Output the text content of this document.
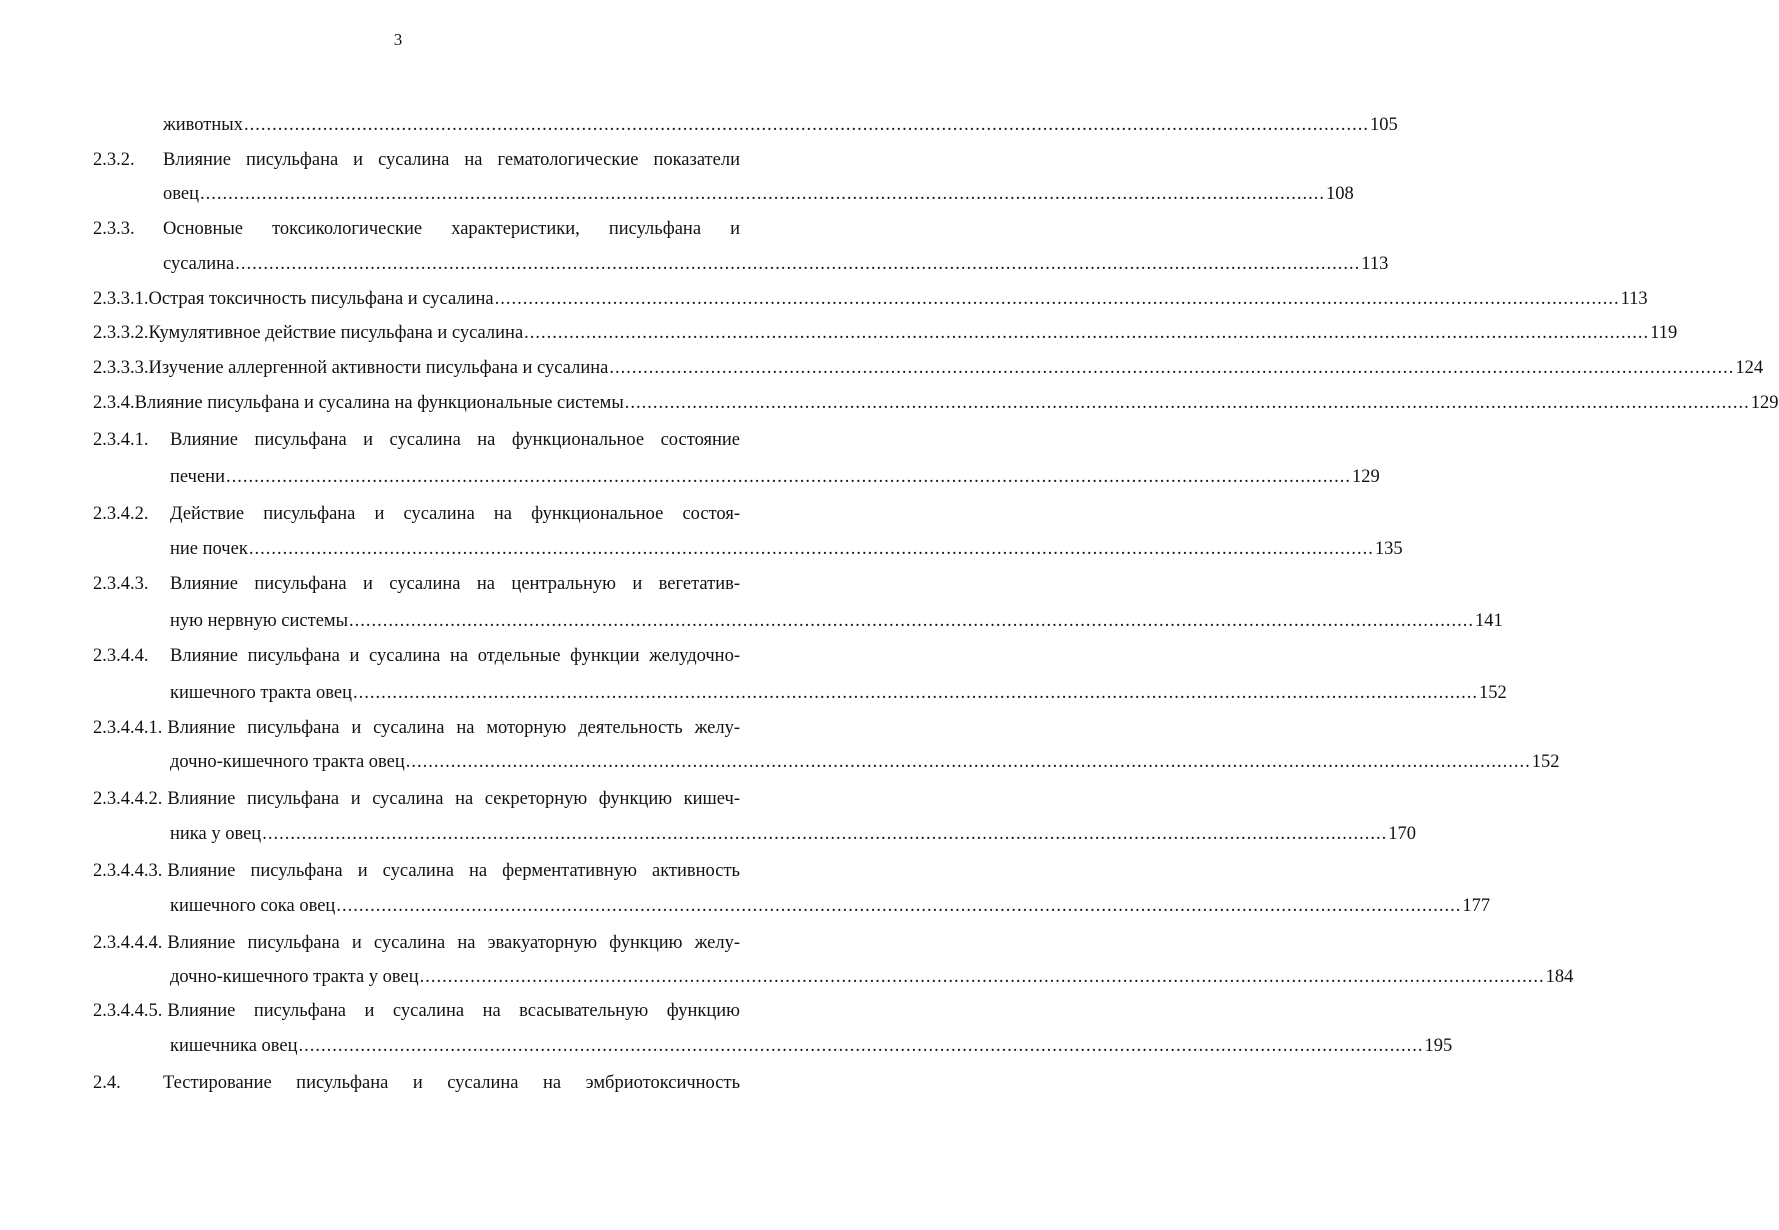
3
животных ........................................................................................................................................................................................................ 105
2.3.2.	Влияние писульфана и сусалина на гематологические показатели
овец ........................................................................................................................................................................................................ 108
2.3.3.	Основные токсикологические характеристики, писульфана и
сусалина ........................................................................................................................................................................................................ 113
2.3.3.1. Острая токсичность писульфана и сусалина ........................................................................................................................................................................................................ 113
2.3.3.2. Кумулятивное действие писульфана и сусалина ........................................................................................................................................................................................................ 119
2.3.3.3. Изучение аллергенной активности писульфана и сусалина ........................................................................................................................................................................................................ 124
2.3.4. Влияние писульфана и сусалина на функциональные системы ........................................................................................................................................................................................................ 129
2.3.4.1.	Влияние писульфана и сусалина на функциональное состояние
печени ........................................................................................................................................................................................................ 129
2.3.4.2.	Действие писульфана и сусалина на функциональное состоя-
ние почек ........................................................................................................................................................................................................ 135
2.3.4.3.	Влияние писульфана и сусалина на центральную и вегетатив-
ную нервную системы ........................................................................................................................................................................................................ 141
2.3.4.4.	Влияние писульфана и сусалина на отдельные функции желудочно-
кишечного тракта овец ........................................................................................................................................................................................................ 152
2.3.4.4.1. Влияние писульфана и сусалина на моторную деятельность желу-
дочно-кишечного тракта овец ........................................................................................................................................................................................................ 152
2.3.4.4.2. Влияние писульфана и сусалина на секреторную функцию кишеч-
ника у овец ........................................................................................................................................................................................................ 170
2.3.4.4.3. Влияние писульфана и сусалина на ферментативную активность
кишечного сока овец ........................................................................................................................................................................................................ 177
2.3.4.4.4. Влияние писульфана и сусалина на эвакуаторную функцию желу-
дочно-кишечного тракта у овец ........................................................................................................................................................................................................ 184
2.3.4.4.5. Влияние писульфана и сусалина на всасывательную функцию
кишечника овец ........................................................................................................................................................................................................ 195
2.4.	Тестирование писульфана и сусалина на эмбриотоксичность
